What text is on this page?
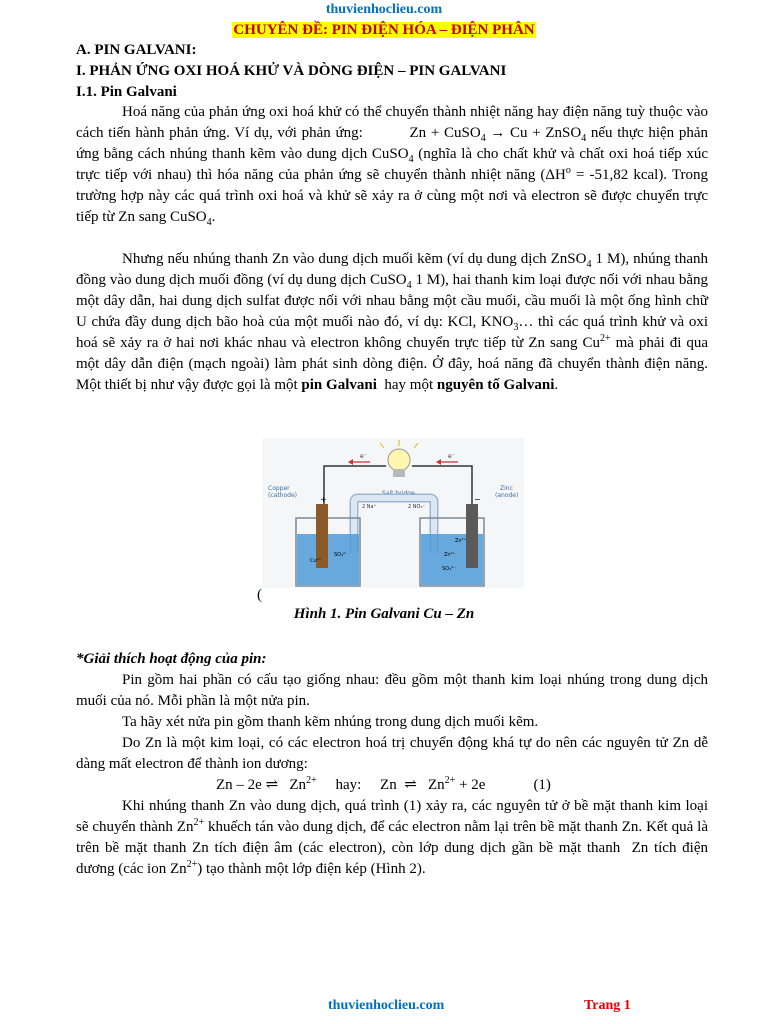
thuvienhoclieu.com
CHUYÊN ĐỀ: PIN ĐIỆN HÓA – ĐIỆN PHÂN
A. PIN GALVANI:
I. PHẢN ỨNG OXI HOÁ KHỬ VÀ DÒNG ĐIỆN – PIN GALVANI
I.1. Pin Galvani

Hoá năng của phản ứng oxi hoá khử có thể chuyển thành nhiệt năng hay điện năng tuỳ thuộc vào cách tiến hành phản ứng. Ví dụ, với phản ứng:          Zn + CuSO$_4$ → Cu + ZnSO$_4$ nếu thực hiện phản ứng bằng cách nhúng thanh kẽm vào dung dịch CuSO$_4$ (nghĩa là cho chất khử và chất oxi hoá tiếp xúc trực tiếp với nhau) thì hóa năng của phản ứng sẽ chuyển thành nhiệt năng ($\Delta H^o = -51,82$ kcal). Trong trường hợp này các quá trình oxi hoá và khử sẽ xảy ra ở cùng một nơi và electron sẽ được chuyển trực tiếp từ Zn sang CuSO$_4$.

Nhưng nếu nhúng thanh Zn vào dung dịch muối kẽm (ví dụ dung dịch ZnSO$_4$ 1 M), nhúng thanh đồng vào dung dịch muối đồng (ví dụ dung dịch CuSO$_4$ 1 M), hai thanh kim loại được nối với nhau bằng một dây dẫn, hai dung dịch sulfat được nối với nhau bằng một cầu muối, cầu muối là một ống hình chữ U chứa đầy dung dịch bão hoà của một muối nào đó, ví dụ: KCl, $KNO_3\dots$ thì các quá trình khử và oxi hoá sẽ xảy ra ở hai nơi khác nhau và electron không chuyển trực tiếp từ Zn sang $Cu^{2+}$ mà phải đi qua một dây dẫn điện (mạch ngoài) làm phát sinh dòng điện. Ở đây, hoá năng đã chuyển thành điện năng. Một thiết bị như vậy được gọi là một pin Galvani  hay một nguyên tố Galvani.

e⁻	e⁻
Copper
(cathode)
Zinc
(anode)
+	−
Salt bridge
2 Na⁺	2 NO₃⁻
Cu²⁺
SO₄²⁻	Zn²⁺
SO₄²⁻
Zn²⁺
(
Hình 1. Pin Galvani Cu – Zn

*Giải thích hoạt động của pin:

Pin gồm hai phần có cấu tạo giống nhau: đều gồm một thanh kim loại nhúng trong dung dịch muối của nó. Mỗi phần là một nửa pin.

Ta hãy xét nửa pin gồm thanh kẽm nhúng trong dung dịch muối kẽm.

Do Zn là một kim loại, có các electron hoá trị chuyển động khá tự do nên các nguyên tử Zn dễ dàng mất electron để thành ion dương:

Zn – 2e ⇌   $Zn^{2+}$     hay:     Zn  ⇌   $Zn^{2+} + 2e$	(1)

Khi nhúng thanh Zn vào dung dịch, quá trình (1) xảy ra, các nguyên tử ở bề mặt thanh kim loại sẽ chuyển thành $Zn^{2+}$ khuếch tán vào dung dịch, để các electron nằm lại trên bề mặt thanh Zn. Kết quả là trên bề mặt thanh Zn tích điện âm (các electron), còn lớp dung dịch gần bề mặt thanh  Zn tích điện dương (các ion $Zn^{2+}$) tạo thành một lớp điện kép (Hình 2).

thuvienhoclieu.com	Trang 1
